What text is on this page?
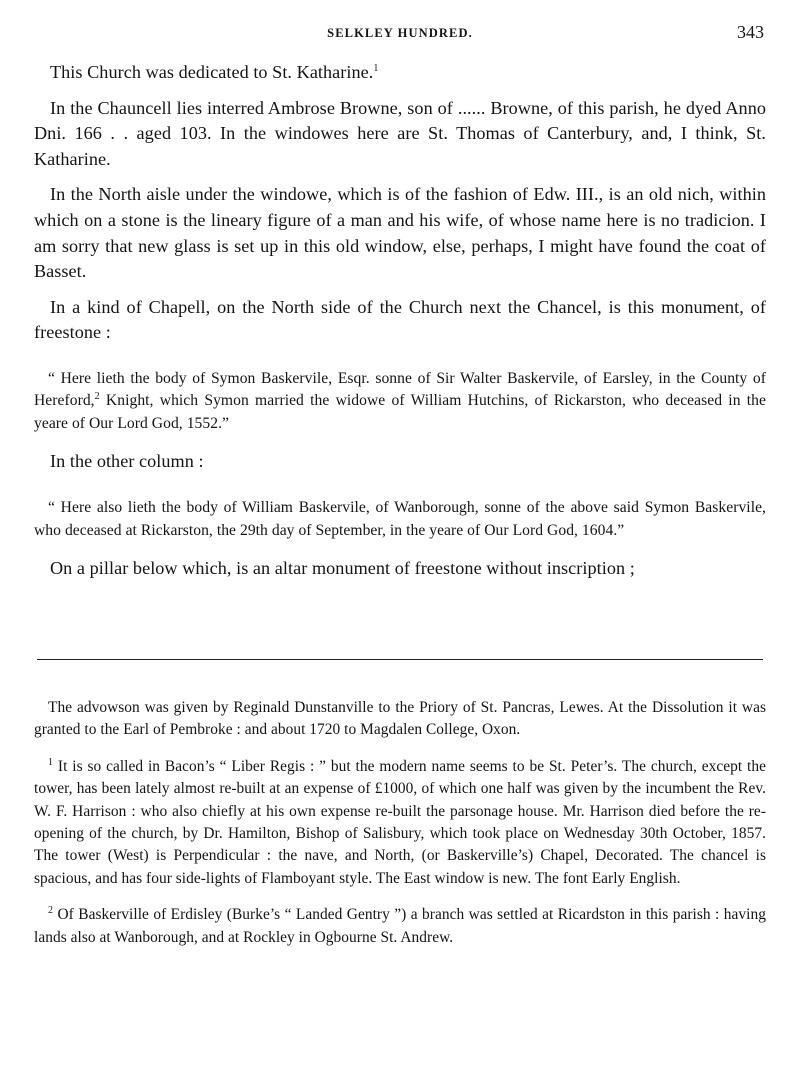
SELKLEY HUNDRED.	343

This Church was dedicated to St. Katharine.$^1$

In the Chauncell lies interred Ambrose Browne, son of ...... Browne, of this parish, he dyed Anno Dni. 166 . . aged 103. In the windowes here are St. Thomas of Canterbury, and, I think, St. Katharine.

In the North aisle under the windowe, which is of the fashion of Edw. III., is an old nich, within which on a stone is the lineary figure of a man and his wife, of whose name here is no tradicion. I am sorry that new glass is set up in this old window, else, perhaps, I might have found the coat of Basset.

In a kind of Chapell, on the North side of the Church next the Chancel, is this monument, of freestone :

“ Here lieth the body of Symon Baskervile, Esqr. sonne of Sir Walter Baskervile, of Earsley, in the County of Hereford,$^2$ Knight, which Symon married the widowe of William Hutchins, of Rickarston, who deceased in the yeare of Our Lord God, 1552.”

In the other column :

“ Here also lieth the body of William Baskervile, of Wanborough, sonne of the above said Symon Baskervile, who deceased at Rickarston, the 29th day of September, in the yeare of Our Lord God, 1604.”

On a pillar below which, is an altar monument of freestone without inscription ;

The advowson was given by Reginald Dunstanville to the Priory of St. Pancras, Lewes. At the Dissolution it was granted to the Earl of Pembroke : and about 1720 to Magdalen College, Oxon.

$^1$ It is so called in Bacon’s “ Liber Regis : ” but the modern name seems to be St. Peter’s. The church, except the tower, has been lately almost re-built at an expense of £1000, of which one half was given by the incumbent the Rev. W. F. Harrison : who also chiefly at his own expense re-built the parsonage house. Mr. Harrison died before the re-opening of the church, by Dr. Hamilton, Bishop of Salisbury, which took place on Wednesday 30th October, 1857. The tower (West) is Perpendicular : the nave, and North, (or Baskerville’s) Chapel, Decorated. The chancel is spacious, and has four side-lights of Flamboyant style. The East window is new. The font Early English.

$^2$ Of Baskerville of Erdisley (Burke’s “ Landed Gentry ”) a branch was settled at Ricardston in this parish : having lands also at Wanborough, and at Rockley in Ogbourne St. Andrew.
